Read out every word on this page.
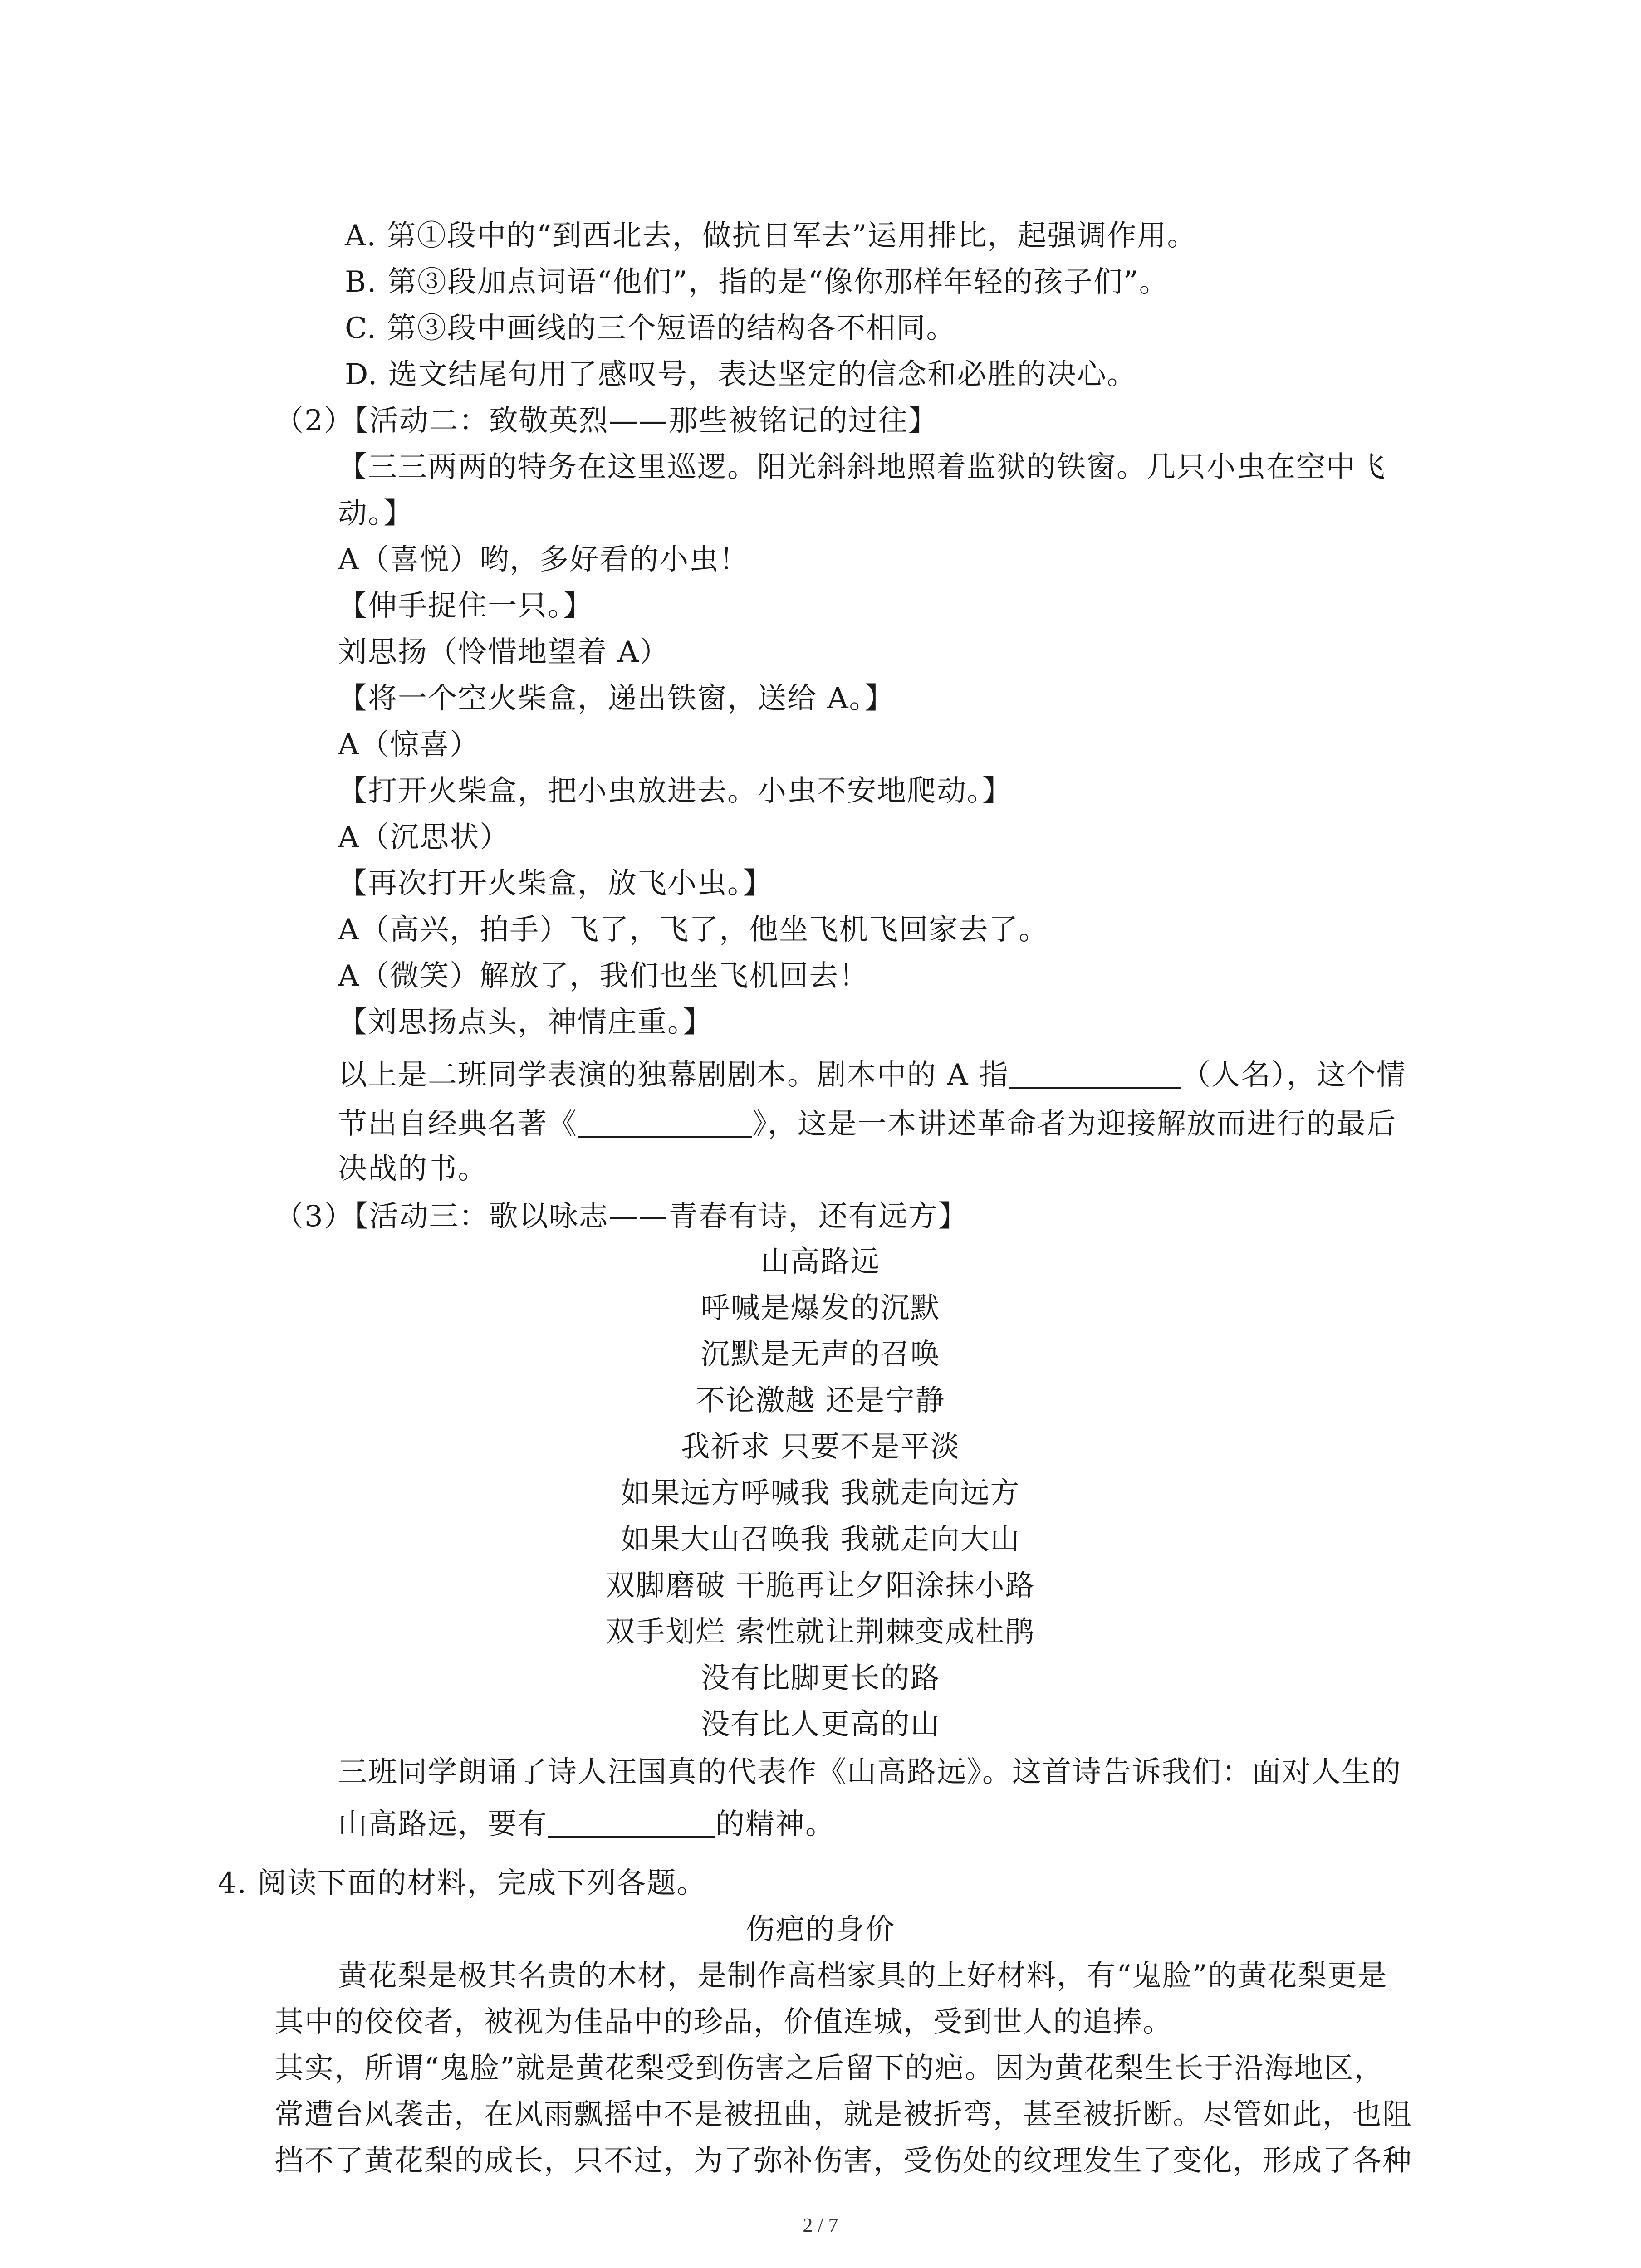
A. 第①段中的“到西北去，做抗日军去”运用排比，起强调作用。
B. 第③段加点词语“他们”，指的是“像你那样年轻的孩子们”。
C. 第③段中画线的三个短语的结构各不相同。
D. 选文结尾句用了感叹号，表达坚定的信念和必胜的决心。
（2）【活动二：致敬英烈——那些被铭记的过往】
【三三两两的特务在这里巡逻。阳光斜斜地照着监狱的铁窗。几只小虫在空中飞
动。】
A（喜悦）哟，多好看的小虫！
【伸手捉住一只。】
刘思扬（怜惜地望着 A）
【将一个空火柴盒，递出铁窗，送给 A。】
A（惊喜）
【打开火柴盒，把小虫放进去。小虫不安地爬动。】
A（沉思状）
【再次打开火柴盒，放飞小虫。】
A（高兴，拍手）飞了，飞了，他坐飞机飞回家去了。
A（微笑）解放了，我们也坐飞机回去！
【刘思扬点头，神情庄重。】
以上是二班同学表演的独幕剧剧本。剧本中的 A 指	（人名），这个情
节出自经典名著《	》，这是一本讲述革命者为迎接解放而进行的最后
决战的书。
（3）【活动三：歌以咏志——青春有诗，还有远方】
山高路远
呼喊是爆发的沉默
沉默是无声的召唤
不论激越 还是宁静
我祈求 只要不是平淡
如果远方呼喊我 我就走向远方
如果大山召唤我 我就走向大山
双脚磨破 干脆再让夕阳涂抹小路
双手划烂 索性就让荆棘变成杜鹃
没有比脚更长的路
没有比人更高的山
三班同学朗诵了诗人汪国真的代表作《山高路远》。这首诗告诉我们：面对人生的
山高路远，要有	的精神。
4. 阅读下面的材料，完成下列各题。
伤疤的身价
黄花梨是极其名贵的木材，是制作高档家具的上好材料，有“鬼脸”的黄花梨更是
其中的佼佼者，被视为佳品中的珍品，价值连城，受到世人的追捧。
其实，所谓“鬼脸”就是黄花梨受到伤害之后留下的疤。因为黄花梨生长于沿海地区，
常遭台风袭击，在风雨飘摇中不是被扭曲，就是被折弯，甚至被折断。尽管如此，也阻
挡不了黄花梨的成长，只不过，为了弥补伤害，受伤处的纹理发生了变化，形成了各种
2 / 7
